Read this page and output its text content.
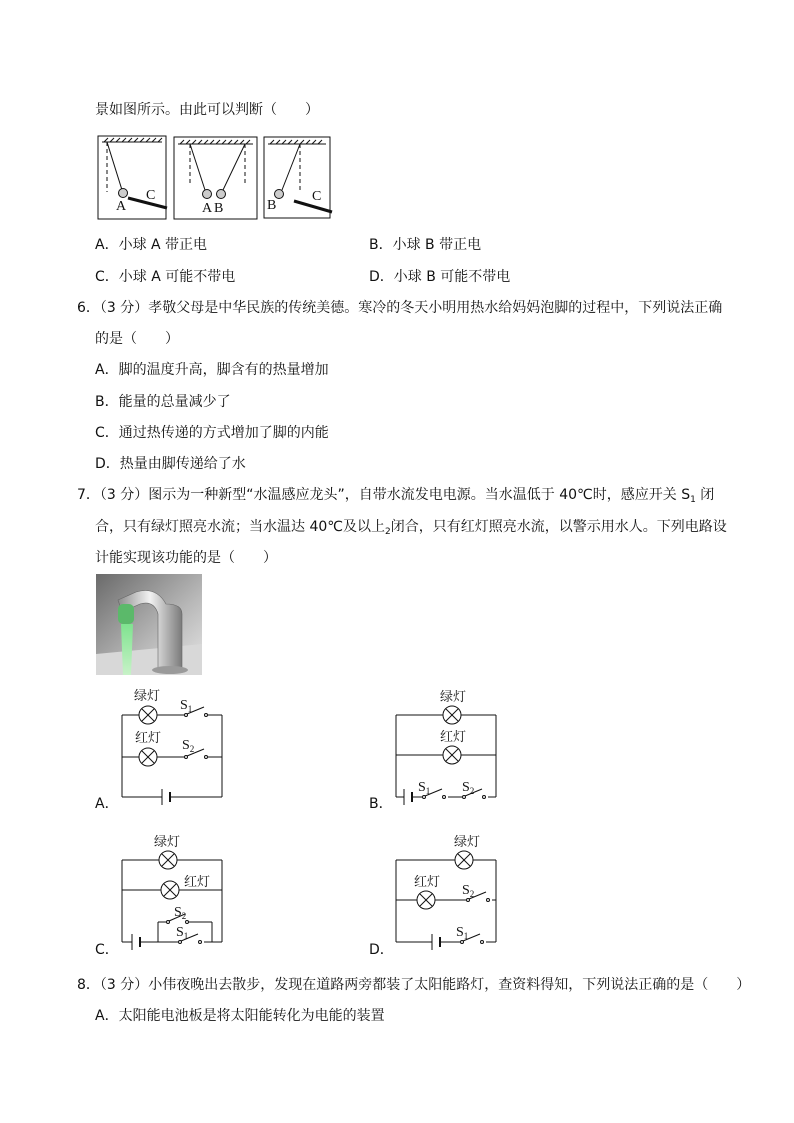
景如图所示。由此可以判断（　　）
A
C
A B	B
C
A．小球 A 带正电	B．小球 B 带正电
C．小球 A 可能不带电	D．小球 B 可能不带电
6．（3 分）孝敬父母是中华民族的传统美德。寒冷的冬天小明用热水给妈妈泡脚的过程中，下列说法正确
的是（　　）
A．脚的温度升高，脚含有的热量增加
B．能量的总量减少了
C．通过热传递的方式增加了脚的内能
D．热量由脚传递给了水
7．（3 分）图示为一种新型“水温感应龙头”，自带水流发电电源。当水温低于 40℃时，感应开关 $S_1$ 闭
合，只有绿灯照亮水流；当水温达 40℃及以上$_2$闭合，只有红灯照亮水流，以警示用水人。下列电路设
计能实现该功能的是（　　）
绿灯
红灯
$S_1$
$S_2$
A．
绿灯
红灯
$S_1$ $S_2$
B．
绿灯
红灯
$S_2$
$S_1$
C．
绿灯
红灯
$S_2$
$S_1$
D．
8．（3 分）小伟夜晚出去散步，发现在道路两旁都装了太阳能路灯，查资料得知，下列说法正确的是（　　）
A．太阳能电池板是将太阳能转化为电能的装置
